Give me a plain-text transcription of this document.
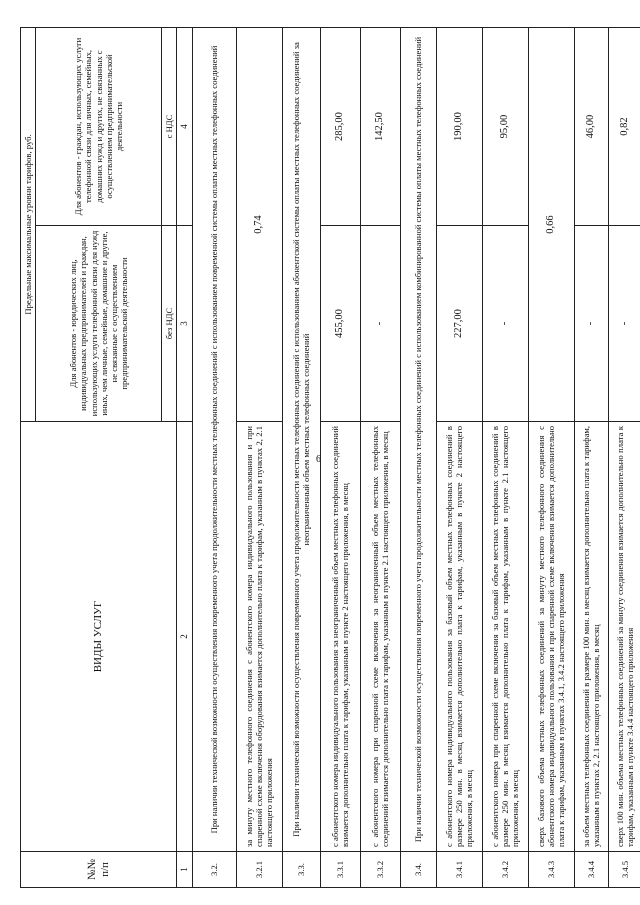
6
№№ п/п	ВИДЫ УСЛУГ	Предельные максимальные уровни тарифов, руб.	
		Для абонентов - юридических лиц, индивидуальных предпринимателей и граждан, использующих услуги телефонной связи для нужд иных, чем личные, семейные, домашние и другие, не связанные с осуществлением предпринимательской деятельности	Для абонентов - граждан, использующих услуги телефонной связи для личных, семейных, домашних нужд и других, не связанных с осуществлением предпринимательской деятельности
		без НДС	с НДС
1	2	3	4
3.2.	При наличии технической возможности осуществления повременного учета продолжительности местных телефонных соединений с использованием повременной системы оплаты местных телефонных соединений		
3.2.1	за минуту местного телефонного соединения с абонентского номера индивидуального пользования и при спаренной схеме включения оборудования взимается дополнительно плата к тарифам, указанным в пунктах 2, 2.1 настоящего приложения	0,74	
3.3.	При наличии технической возможности осуществления повременного учета продолжительности местных телефонных соединений с использованием абонентской системы оплаты местных телефонных соединений за неограниченный объем местных телефонных соединений		
3.3.1	с абонентского номера индивидуального пользования за неограниченный объем местных телефонных соединений взимается дополнительно плата к тарифам, указанным в пункте 2 настоящего приложения, в месяц	455,00	285,00
3.3.2	с абонентского номера при спаренной схеме включения за неограниченный объем местных телефонных соединений взимается дополнительно плата к тарифам, указанным в пункте 2.1 настоящего приложения, в месяц	-	142,50
3.4.	При наличии технической возможности осуществления повременного учета продолжительности местных телефонных соединений с использованием комбинированной системы оплаты местных телефонных соединений		
3.4.1	с абонентского номера индивидуального пользования за базовый объем местных телефонных соединений в размере 250 мин. в месяц взимается дополнительно плата к тарифам, указанным в пункте 2 настоящего приложения, в месяц	227,00	190,00
3.4.2	с абонентского номера при спаренной схеме включения за базовый объем местных телефонных соединений в размере 250 мин. в месяц взимается дополнительно плата к тарифам, указанным в пункте 2.1 настоящего приложения, в месяц	-	95,00
3.4.3	сверх базового объема местных телефонных соединений за минуту местного телефонного соединения с абонентского номера индивидуального пользования и при спаренной схеме включения взимается дополнительно плата к тарифам, указанным в пунктах 3.4.1, 3.4.2 настоящего приложения	0,66	
3.4.4	за объем местных телефонных соединений в размере 100 мин. в месяц взимается дополнительно плата к тарифам, указанным в пунктах 2, 2.1 настоящего приложения, в месяц	-	46,00
3.4.5	сверх 100 мин. объема местных телефонных соединений за минуту соединения взимается дополнительно плата к тарифам, указанным в пункте 3.4.4 настоящего приложения	-	0,82
